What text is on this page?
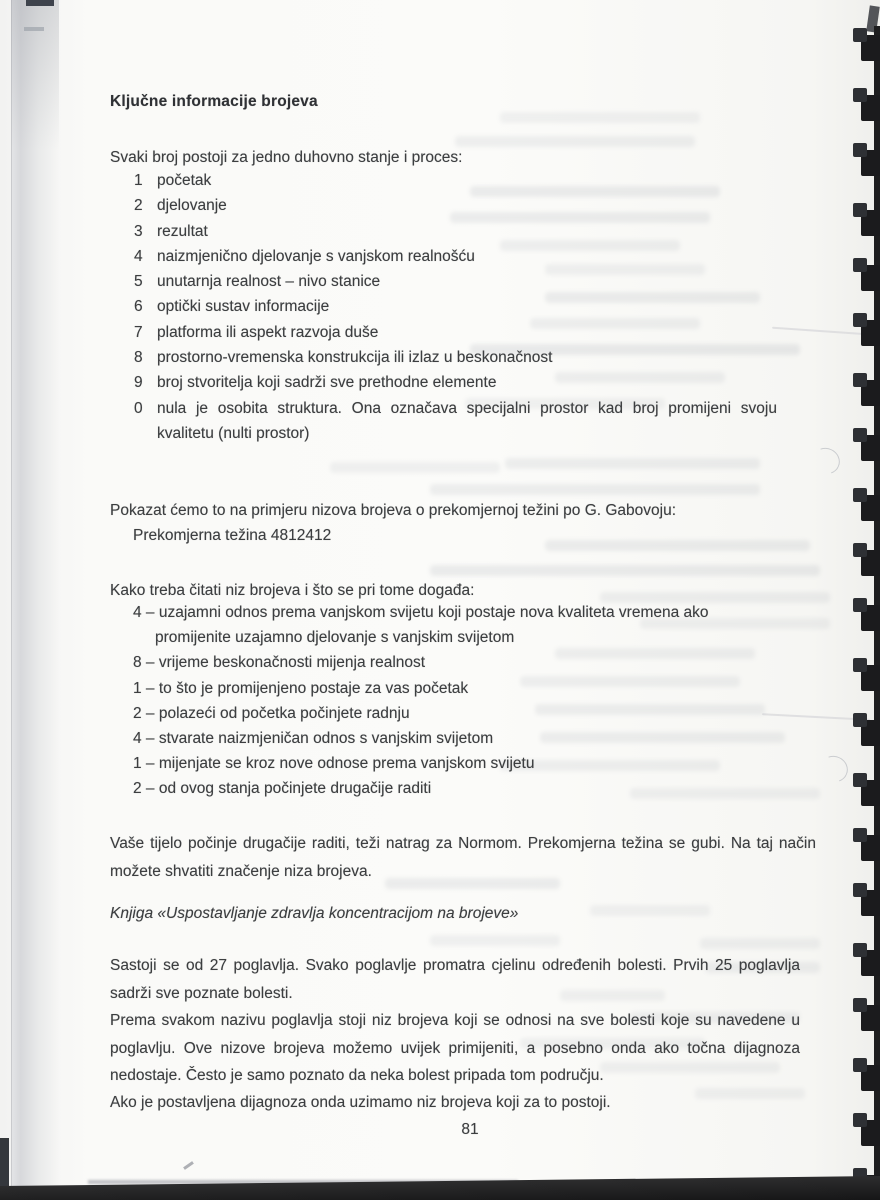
Ključne informacije brojeva
Svaki broj postoji za jedno duhovno stanje i proces:
1 početak
2 djelovanje
3 rezultat
4 naizmjenično djelovanje s vanjskom realnošću
5 unutarnja realnost – nivo stanice
6 optički sustav informacije
7 platforma ili aspekt razvoja duše
8 prostorno-vremenska konstrukcija ili izlaz u beskonačnost
9 broj stvoritelja koji sadrži sve prethodne elemente
0 nula je osobita struktura. Ona označava specijalni prostor kad broj promijeni svoju kvalitetu (nulti prostor)
Pokazat ćemo to na primjeru nizova brojeva o prekomjernoj težini po G. Gabovoju:
Prekomjerna težina 4812412
Kako treba čitati niz brojeva i što se pri tome događa:
4 – uzajamni odnos prema vanjskom svijetu koji postaje nova kvaliteta vremena ako promijenite uzajamno djelovanje s vanjskim svijetom
8 – vrijeme beskonačnosti mijenja realnost
1 – to što je promijenjeno postaje za vas početak
2 – polazeći od početka počinjete radnju
4 – stvarate naizmjeničan odnos s vanjskim svijetom
1 – mijenjate se kroz nove odnose prema vanjskom svijetu
2 – od ovog stanja počinjete drugačije raditi
Vaše tijelo počinje drugačije raditi, teži natrag za Normom. Prekomjerna težina se gubi. Na taj način možete shvatiti značenje niza brojeva.
Knjiga «Uspostavljanje zdravlja koncentracijom na brojeve»
Sastoji se od 27 poglavlja. Svako poglavlje promatra cjelinu određenih bolesti. Prvih 25 poglavlja sadrži sve poznate bolesti.
Prema svakom nazivu poglavlja stoji niz brojeva koji se odnosi na sve bolesti koje su navedene u poglavlju. Ove nizove brojeva možemo uvijek primijeniti, a posebno onda ako točna dijagnoza nedostaje. Često je samo poznato da neka bolest pripada tom području.
Ako je postavljena dijagnoza onda uzimamo niz brojeva koji za to postoji.
81
